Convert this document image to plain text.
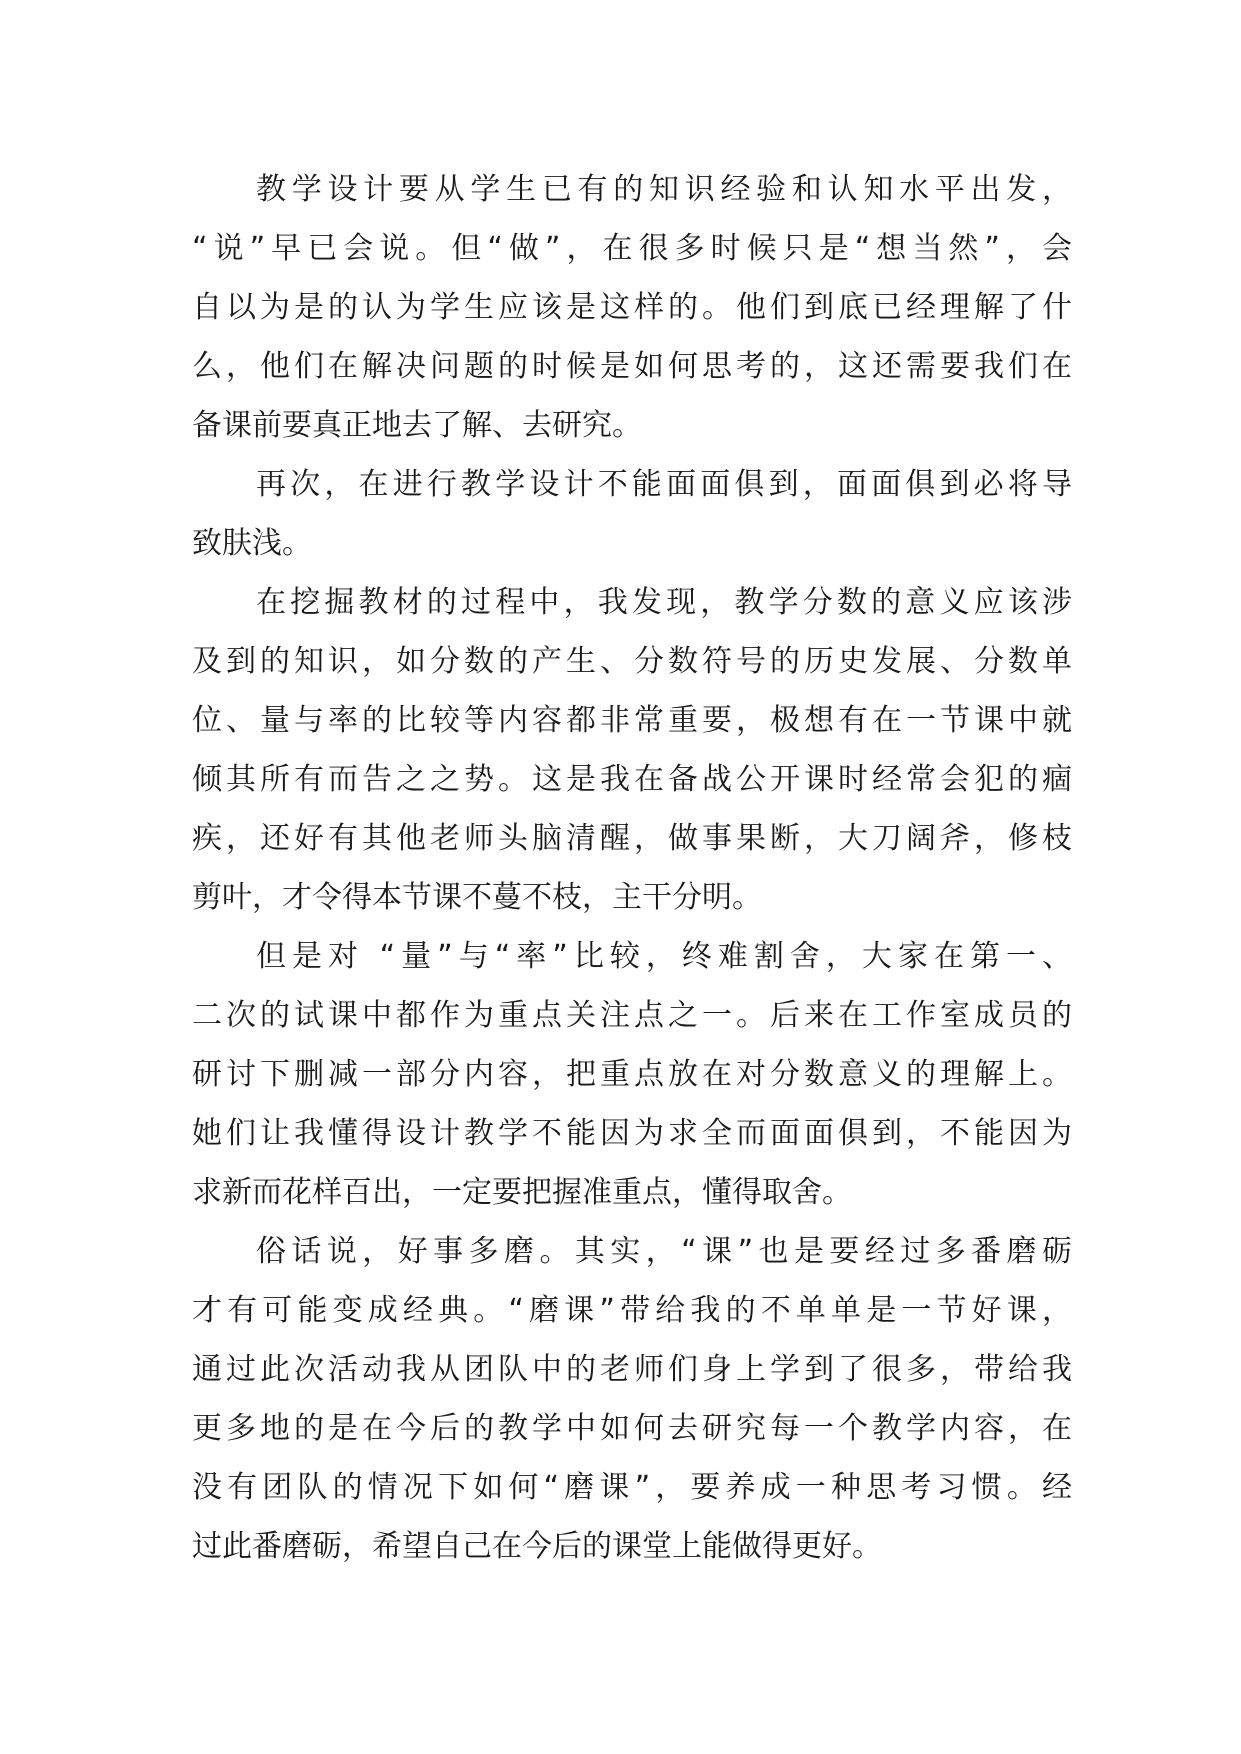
教学设计要从学生已有的知识经验和认知水平出发，
“说”早已会说。但“做”，在很多时候只是“想当然”，会
自以为是的认为学生应该是这样的。他们到底已经理解了什
么，他们在解决问题的时候是如何思考的，这还需要我们在
备课前要真正地去了解、去研究。
再次，在进行教学设计不能面面俱到，面面俱到必将导
致肤浅。
在挖掘教材的过程中，我发现，教学分数的意义应该涉
及到的知识，如分数的产生、分数符号的历史发展、分数单
位、量与率的比较等内容都非常重要，极想有在一节课中就
倾其所有而告之之势。这是我在备战公开课时经常会犯的痼
疾，还好有其他老师头脑清醒，做事果断，大刀阔斧，修枝
剪叶，才令得本节课不蔓不枝，主干分明。
但是对 “量”与“率”比较，终难割舍，大家在第一、
二次的试课中都作为重点关注点之一。后来在工作室成员的
研讨下删减一部分内容，把重点放在对分数意义的理解上。
她们让我懂得设计教学不能因为求全而面面俱到，不能因为
求新而花样百出，一定要把握准重点，懂得取舍。
俗话说，好事多磨。其实，“课”也是要经过多番磨砺
才有可能变成经典。“磨课”带给我的不单单是一节好课，
通过此次活动我从团队中的老师们身上学到了很多，带给我
更多地的是在今后的教学中如何去研究每一个教学内容，在
没有团队的情况下如何“磨课”，要养成一种思考习惯。经
过此番磨砺，希望自己在今后的课堂上能做得更好。
